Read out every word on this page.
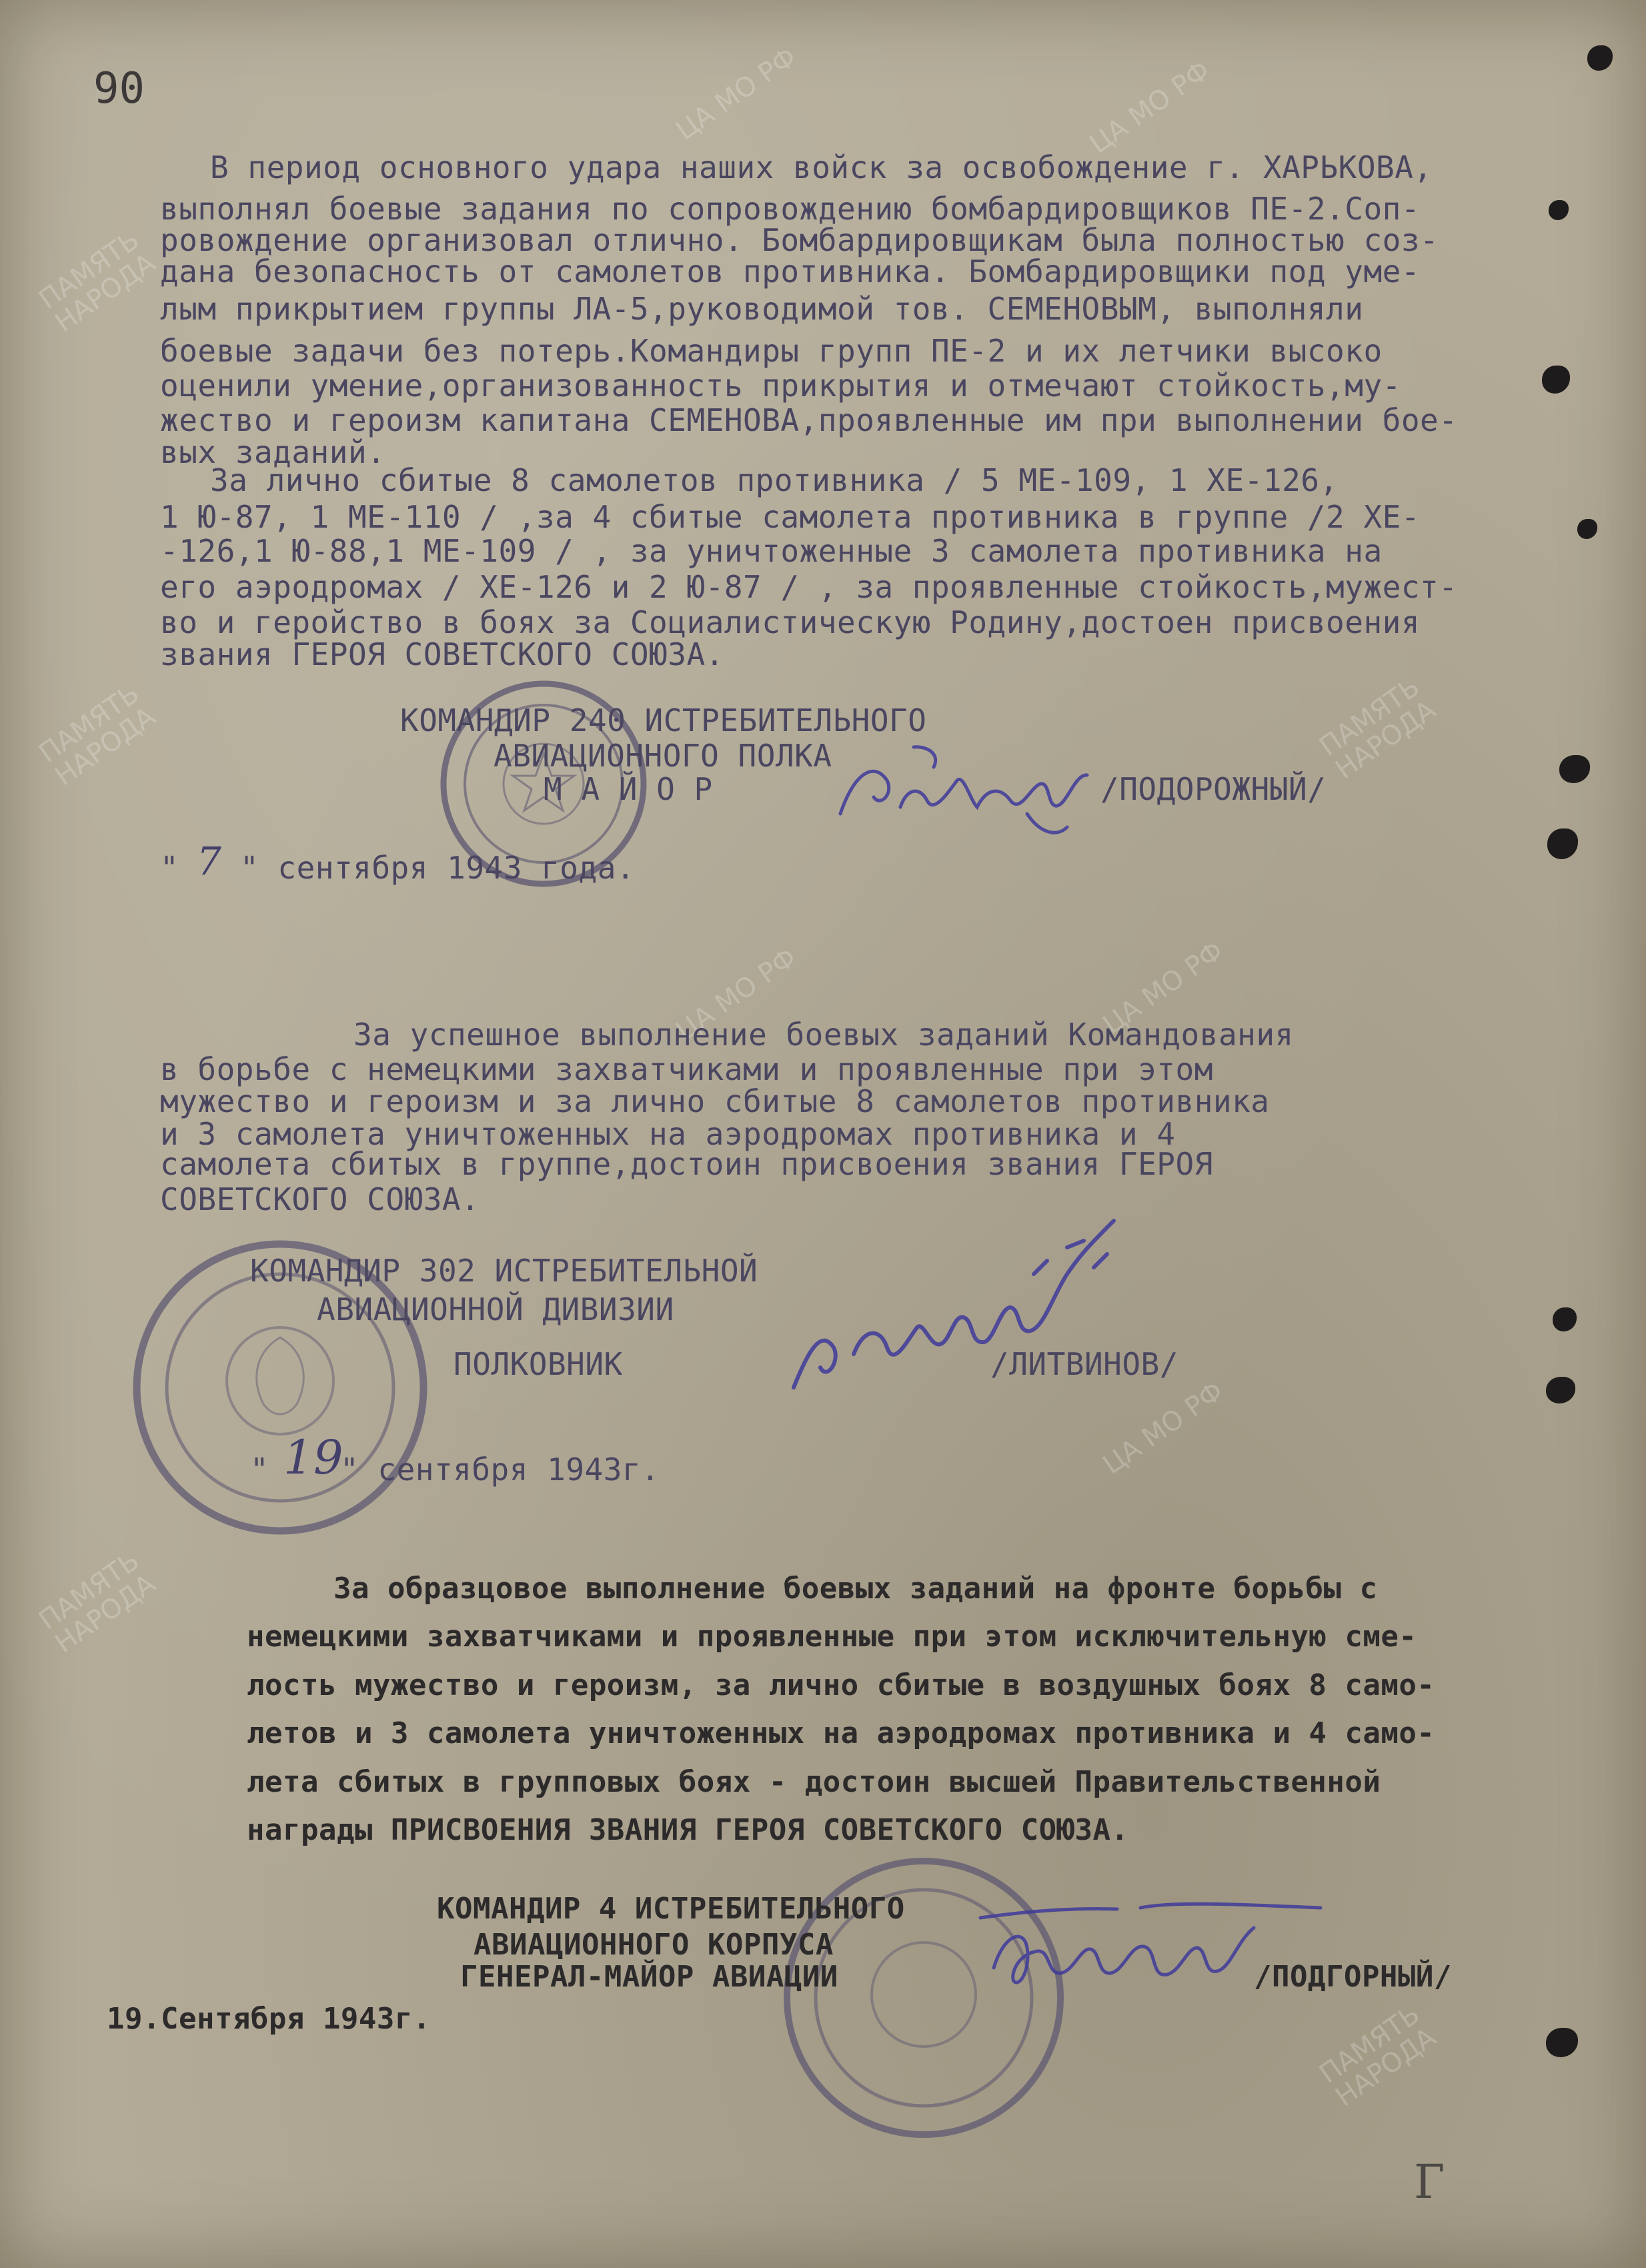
ЦА МО РФ	ЦА МО РФ
ЦА МО РФ	ЦА МО РФ
ЦА МО РФ
ПАМЯТЬ
НАРОДА
ПАМЯТЬ
НАРОДА
ПАМЯТЬ
НАРОДА
ПАМЯТЬ
НАРОДА
ПАМЯТЬ
НАРОДА
90
В период основного удара наших войск за освобождение г. ХАРЬКОВА,
выполнял боевые задания по сопровождению бомбардировщиков ПЕ-2.Соп-
ровождение организовал отлично. Бомбардировщикам была полностью соз-
дана безопасность от самолетов противника. Бомбардировщики под уме-
лым прикрытием группы ЛА-5,руководимой тов. СЕМЕНОВЫМ, выполняли
боевые задачи без потерь.Командиры групп ПЕ-2 и их летчики высоко
оценили умение,организованность прикрытия и отмечают стойкость,му-
жество и героизм капитана СЕМЕНОВА,проявленные им при выполнении бое-
вых заданий.
За лично сбитые 8 самолетов противника / 5 МЕ-109, 1 ХЕ-126,
1 Ю-87, 1 МЕ-110 / ,за 4 сбитые самолета противника в группе /2 ХЕ-
-126,1 Ю-88,1 МЕ-109 / , за уничтоженные 3 самолета противника на
его аэродромах / ХЕ-126 и 2 Ю-87 / , за проявленные стойкость,мужест-
во и геройство в боях за Социалистическую Родину,достоен присвоения
звания ГЕРОЯ СОВЕТСКОГО СОЮЗА.
КОМАНДИР 240 ИСТРЕБИТЕЛЬНОГО
АВИАЦИОННОГО ПОЛКА
М А Й О Р	/ПОДОРОЖНЫЙ/
" 7 " сентября 1943 года.
За успешное выполнение боевых заданий Командования
в борьбе с немецкими захватчиками и проявленные при этом
мужество и героизм и за лично сбитые 8 самолетов противника
и 3 самолета уничтоженных на аэродромах противника и 4
самолета сбитых в группе,достоин присвоения звания ГЕРОЯ
СОВЕТСКОГО СОЮЗА.
КОМАНДИР 302 ИСТРЕБИТЕЛЬНОЙ
АВИАЦИОННОЙ ДИВИЗИИ
ПОЛКОВНИК	/ЛИТВИНОВ/
" 19
" сентября 1943г.
За образцовое выполнение боевых заданий на фронте борьбы с
немецкими захватчиками и проявленные при этом исключительную сме-
лость мужество и героизм, за лично сбитые в воздушных боях 8 само-
летов и 3 самолета уничтоженных на аэродромах противника и 4 само-
лета сбитых в групповых боях - достоин высшей Правительственной
награды ПРИСВОЕНИЯ ЗВАНИЯ ГЕРОЯ СОВЕТСКОГО СОЮЗА.
КОМАНДИР 4 ИСТРЕБИТЕЛЬНОГО
АВИАЦИОННОГО КОРПУСА
ГЕНЕРАЛ-МАЙОР АВИАЦИИ	/ПОДГОРНЫЙ/
19.Сентября 1943г.
Г
